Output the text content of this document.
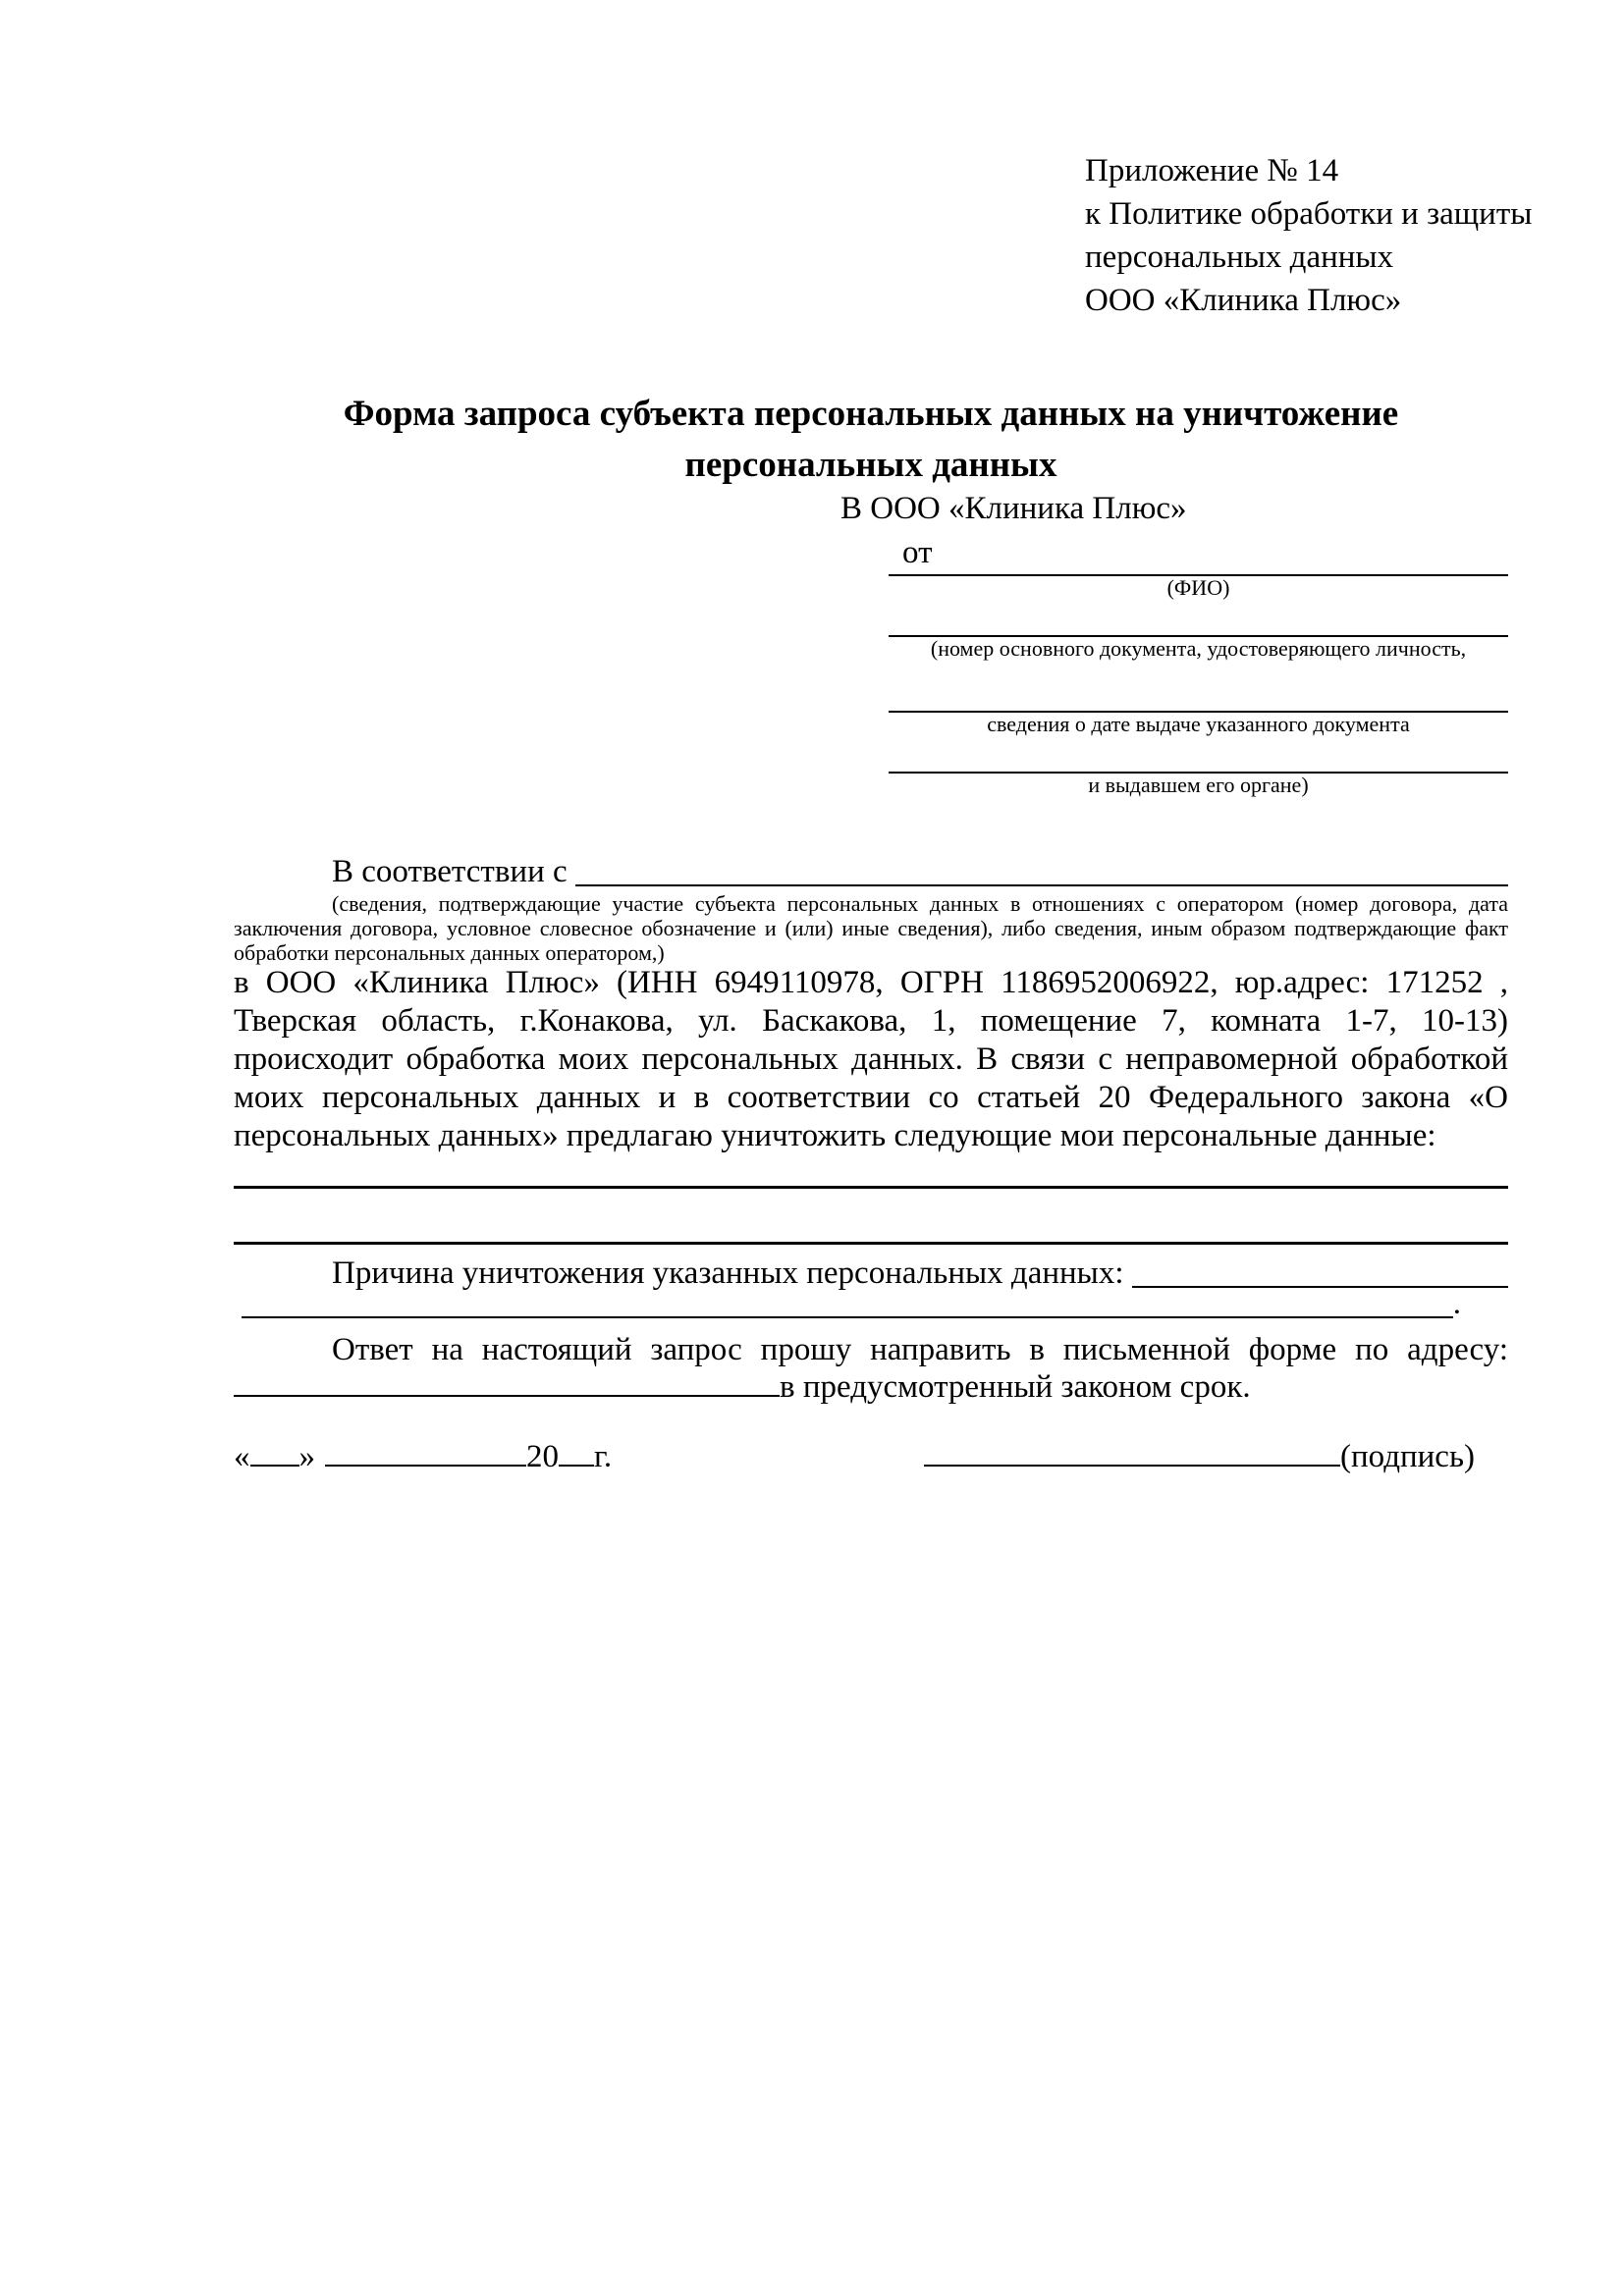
Приложение № 14
к Политике обработки и защиты
персональных данных
ООО «Клиника Плюс»
Форма запроса субъекта персональных данных на уничтожение персональных данных
В ООО «Клиника Плюс»
от
(ФИО)
(номер основного документа, удостоверяющего личность,
сведения о дате выдаче указанного документа
и выдавшем его органе)
В соответствии с
(сведения, подтверждающие участие субъекта персональных данных в отношениях с оператором (номер договора, дата заключения договора, условное словесное обозначение и (или) иные сведения), либо сведения, иным образом подтверждающие факт обработки персональных данных оператором,)
в ООО «Клиника Плюс» (ИНН 6949110978, ОГРН 1186952006922, юр.адрес: 171252 , Тверская область, г.Конакова, ул. Баскакова, 1, помещение 7, комната 1-7, 10-13) происходит обработка моих персональных данных. В связи с неправомерной обработкой моих персональных данных и в соответствии со статьей 20 Федерального закона «О персональных данных» предлагаю уничтожить следующие мои персональные данные:
Причина уничтожения указанных персональных данных:
.
Ответ на настоящий запрос прошу направить в письменной форме по адресу:
в предусмотренный законом срок.
« »	20 г.	(подпись)
